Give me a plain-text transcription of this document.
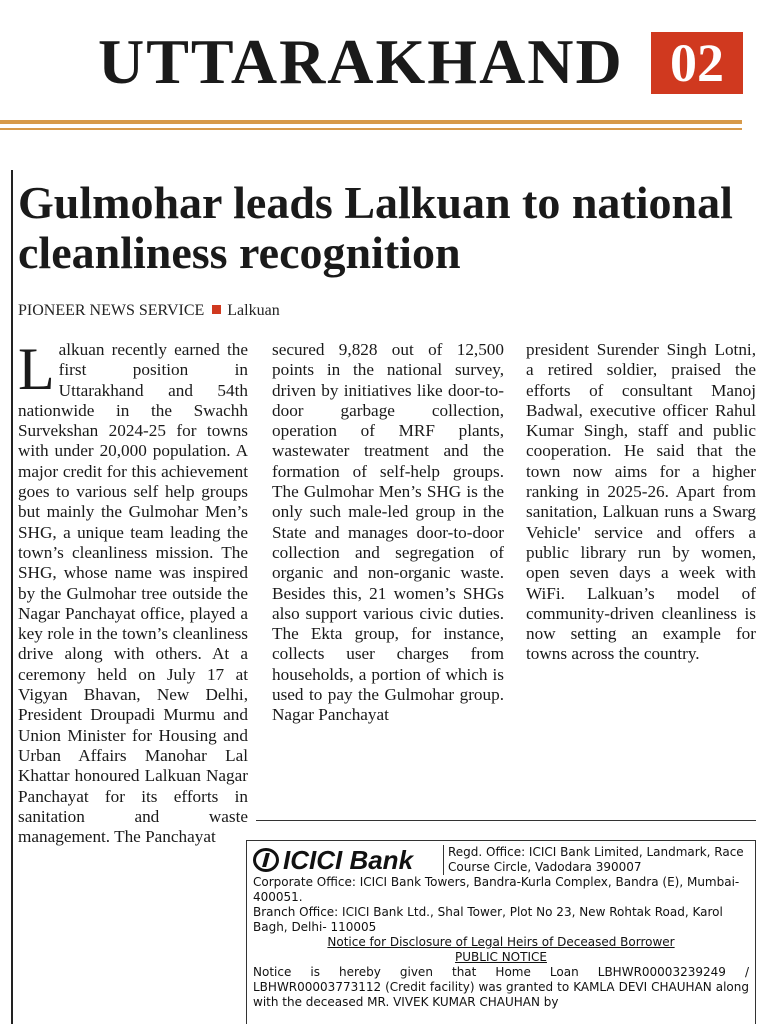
UTTARAKHAND 02
Gulmohar leads Lalkuan to national cleanliness recognition
PIONEER NEWS SERVICE Lalkuan
Lalkuan recently earned the first position in Uttarakhand and 54th nationwide in the Swachh Survekshan 2024-25 for towns with under 20,000 population. A major credit for this achievement goes to various self help groups but mainly the Gulmohar Men’s SHG, a unique team leading the town’s cleanliness mission. The SHG, whose name was inspired by the Gulmohar tree outside the Nagar Panchayat office, played a key role in the town’s cleanliness drive along with others. At a ceremony held on July 17 at Vigyan Bhavan, New Delhi, President Droupadi Murmu and Union Minister for Housing and Urban Affairs Manohar Lal Khattar honoured Lalkuan Nagar Panchayat for its efforts in sanitation and waste management. The Panchayat
secured 9,828 out of 12,500 points in the national survey, driven by initiatives like door-to-door garbage collection, operation of MRF plants, wastewater treatment and the formation of self-help groups. The Gulmohar Men’s SHG is the only such male-led group in the State and manages door-to-door collection and segregation of organic and non-organic waste. Besides this, 21 women’s SHGs also support various civic duties. The Ekta group, for instance, collects user charges from households, a portion of which is used to pay the Gulmohar group. Nagar Panchayat
president Surender Singh Lotni, a retired soldier, praised the efforts of consultant Manoj Badwal, executive officer Rahul Kumar Singh, staff and public cooperation. He said that the town now aims for a higher ranking in 2025-26. Apart from sanitation, Lalkuan runs a Swarg Vehicle' service and offers a public library run by women, open seven days a week with WiFi. Lalkuan’s model of community-driven cleanliness is now setting an example for towns across the country.
ICICI Bank	Regd. Office: ICICI Bank Limited, Landmark, Race Course Circle, Vadodara 390007
Corporate Office: ICICI Bank Towers, Bandra-Kurla Complex, Bandra (E), Mumbai- 400051.
Branch Office: ICICI Bank Ltd., Shal Tower, Plot No 23, New Rohtak Road, Karol Bagh, Delhi- 110005
Notice for Disclosure of Legal Heirs of Deceased Borrower
PUBLIC NOTICE
Notice is hereby given that Home Loan LBHWR00003239249 / LBHWR00003773112 (Credit facility) was granted to KAMLA DEVI CHAUHAN along with the deceased MR. VIVEK KUMAR CHAUHAN by
